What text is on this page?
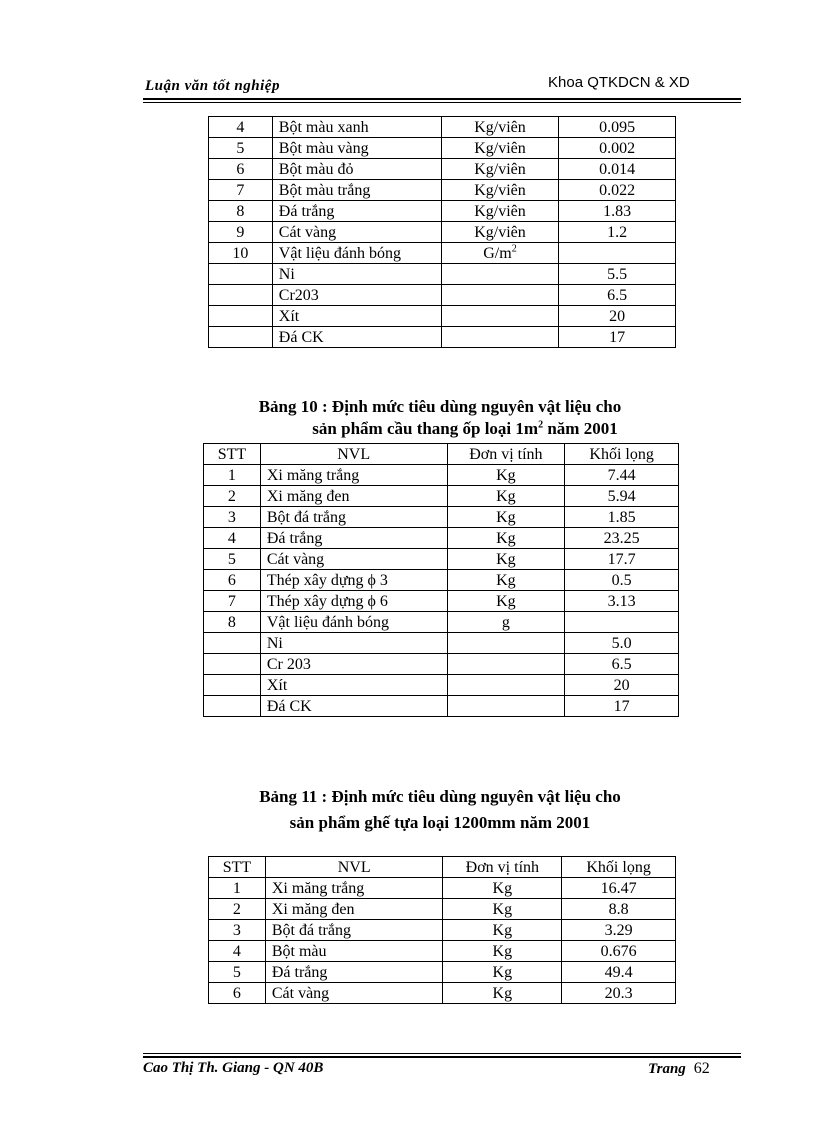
Luận văn tốt nghiệp	Khoa QTKDCN & XD
4	Bột màu xanh	Kg/viên	0.095
5	Bột màu vàng	Kg/viên	0.002
6	Bột màu đỏ	Kg/viên	0.014
7	Bột màu trắng	Kg/viên	0.022
8	Đá trắng	Kg/viên	1.83
9	Cát vàng	Kg/viên	1.2
10	Vật liệu đánh bóng	$G/m^2$	
	Ni		5.5
	Cr203		6.5
	Xít		20
	Đá CK		17
Bảng 10 : Định mức tiêu dùng nguyên vật liệu cho
sản phẩm cầu thang ốp loại $1m^2$ năm 2001
STT	NVL	Đơn vị tính	Khối lọng
1	Xi măng trắng	Kg	7.44
2	Xi măng đen	Kg	5.94
3	Bột đá trắng	Kg	1.85
4	Đá trắng	Kg	23.25
5	Cát vàng	Kg	17.7
6	Thép xây dựng ϕ 3	Kg	0.5
7	Thép xây dựng ϕ 6	Kg	3.13
8	Vật liệu đánh bóng	g	
	Ni		5.0
	Cr 203		6.5
	Xít		20
	Đá CK		17
Bảng 11 : Định mức tiêu dùng nguyên vật liệu cho
sản phẩm ghế tựa loại 1200mm năm 2001
STT	NVL	Đơn vị tính	Khối lọng
1	Xi măng trắng	Kg	16.47
2	Xi măng đen	Kg	8.8
3	Bột đá trắng	Kg	3.29
4	Bột màu	Kg	0.676
5	Đá trắng	Kg	49.4
6	Cát vàng	Kg	20.3
Cao Thị Th. Giang - QN 40B	Trang 62
